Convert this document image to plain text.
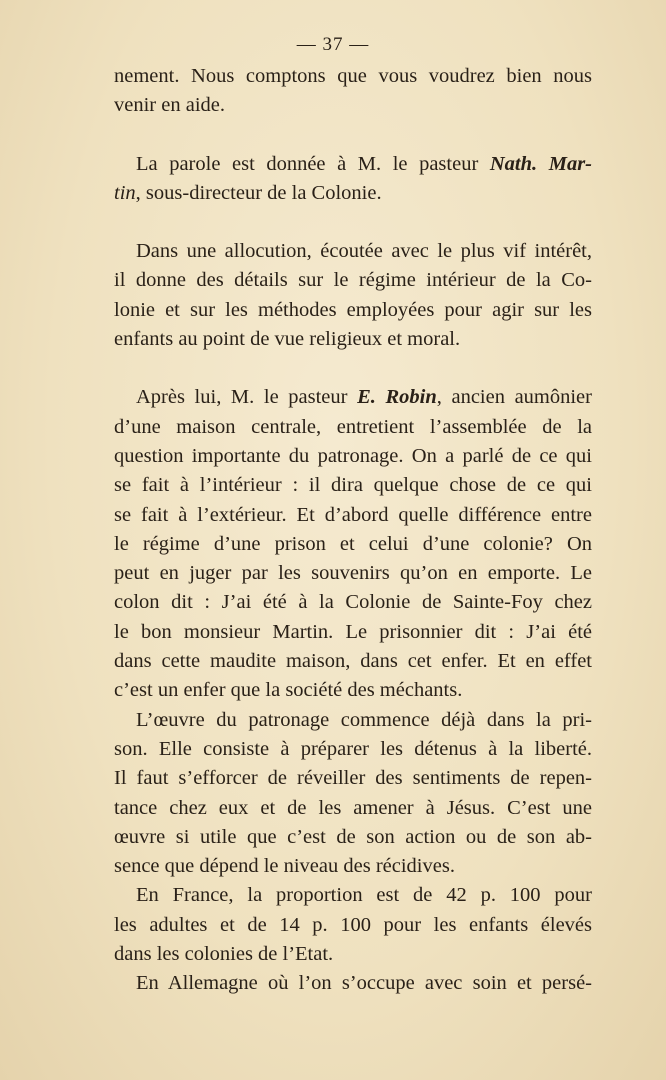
— 37 —
nement. Nous comptons que vous voudrez bien nous
venir en aide.
La parole est donnée à M. le pasteur Nath. Mar-
tin, sous-directeur de la Colonie.
Dans une allocution, écoutée avec le plus vif intérêt,
il donne des détails sur le régime intérieur de la Co-
lonie et sur les méthodes employées pour agir sur les
enfants au point de vue religieux et moral.
Après lui, M. le pasteur E. Robin, ancien aumônier
d’une maison centrale, entretient l’assemblée de la
question importante du patronage. On a parlé de ce qui
se fait à l’intérieur : il dira quelque chose de ce qui
se fait à l’extérieur. Et d’abord quelle différence entre
le régime d’une prison et celui d’une colonie? On
peut en juger par les souvenirs qu’on en emporte. Le
colon dit : J’ai été à la Colonie de Sainte-Foy chez
le bon monsieur Martin. Le prisonnier dit : J’ai été
dans cette maudite maison, dans cet enfer. Et en effet
c’est un enfer que la société des méchants.
L’œuvre du patronage commence déjà dans la pri-
son. Elle consiste à préparer les détenus à la liberté.
Il faut s’efforcer de réveiller des sentiments de repen-
tance chez eux et de les amener à Jésus. C’est une
œuvre si utile que c’est de son action ou de son ab-
sence que dépend le niveau des récidives.
En France, la proportion est de 42 p. 100 pour
les adultes et de 14 p. 100 pour les enfants élevés
dans les colonies de l’Etat.
En Allemagne où l’on s’occupe avec soin et persé-
